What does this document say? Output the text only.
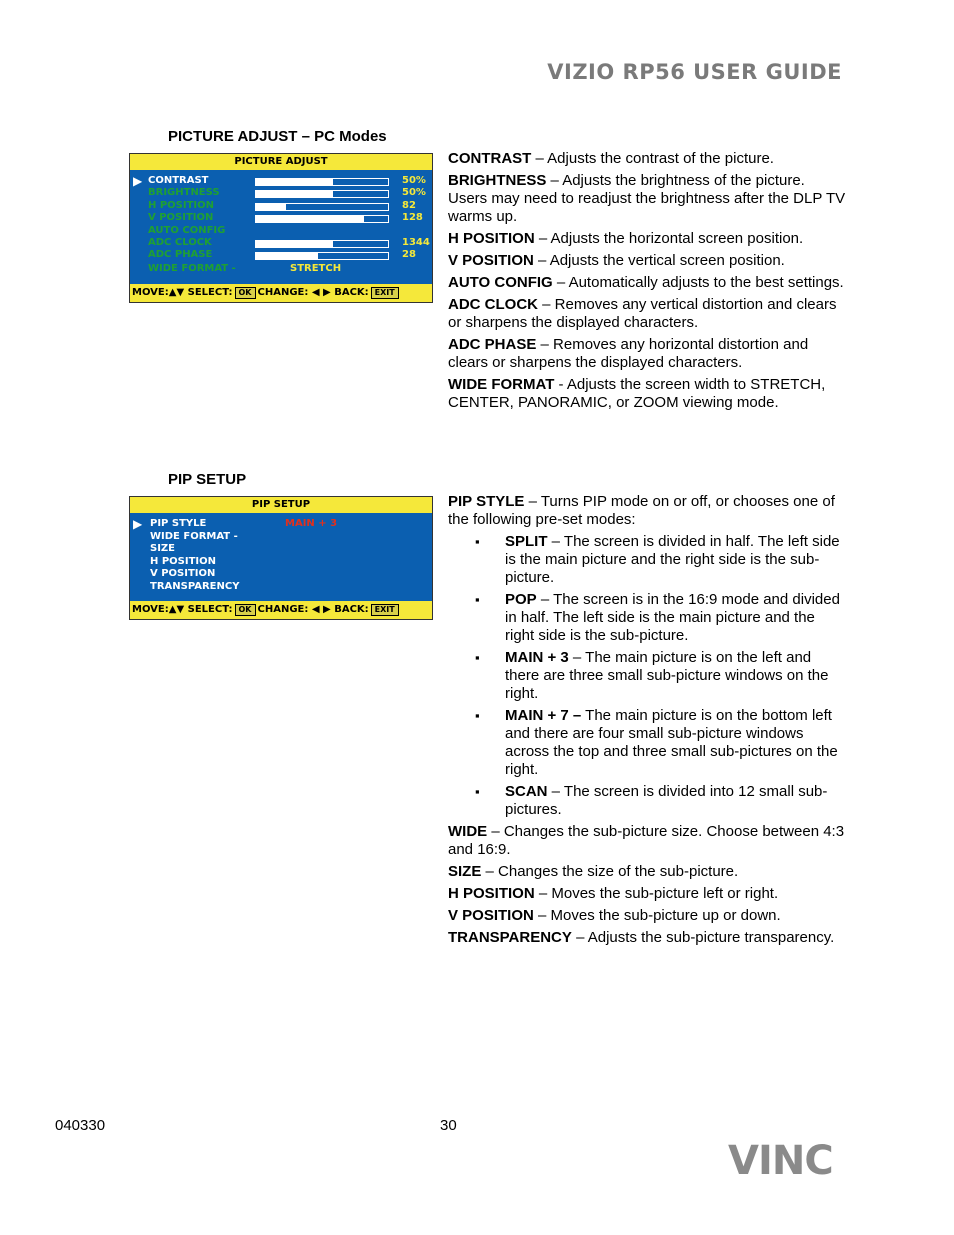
VIZIO RP56 USER GUIDE
PICTURE ADJUST – PC Modes
PICTURE ADJUST
▶ CONTRAST	50%
BRIGHTNESS	50%
H POSITION	82
V POSITION	128
AUTO CONFIG
ADC CLOCK	1344
ADC PHASE	28
WIDE FORMAT -	STRETCH
MOVE:▲▼ SELECT: OK CHANGE: ◀ ▶ BACK: EXIT

CONTRAST – Adjusts the contrast of the picture.

BRIGHTNESS – Adjusts the brightness of the picture. Users may need to readjust the brightness after the DLP TV warms up.

H POSITION – Adjusts the horizontal screen position.

V POSITION – Adjusts the vertical screen position.

AUTO CONFIG – Automatically adjusts to the best settings.

ADC CLOCK – Removes any vertical distortion and clears or sharpens the displayed characters.

ADC PHASE – Removes any horizontal distortion and clears or sharpens the displayed characters.

WIDE FORMAT - Adjusts the screen width to STRETCH, CENTER, PANORAMIC, or ZOOM viewing mode.

PIP SETUP
PIP SETUP
▶ PIP STYLE	MAIN + 3
WIDE FORMAT -
SIZE
H POSITION
V POSITION
TRANSPARENCY
MOVE:▲▼ SELECT: OK CHANGE: ◀ ▶ BACK: EXIT

PIP STYLE – Turns PIP mode on or off, or chooses one of the following pre-set modes:

▪ SPLIT – The screen is divided in half. The left side is the main picture and the right side is the sub-picture.
▪ POP – The screen is in the 16:9 mode and divided in half. The left side is the main picture and the right side is the sub-picture.
▪ MAIN + 3 – The main picture is on the left and there are three small sub-picture windows on the right.
▪ MAIN + 7 – The main picture is on the bottom left and there are four small sub-picture windows across the top and three small sub-pictures on the right.
▪ SCAN – The screen is divided into 12 small sub-pictures.

WIDE – Changes the sub-picture size. Choose between 4:3 and 16:9.

SIZE – Changes the size of the sub-picture.

H POSITION – Moves the sub-picture left or right.

V POSITION – Moves the sub-picture up or down.

TRANSPARENCY – Adjusts the sub-picture transparency.

040330	30
VINC
